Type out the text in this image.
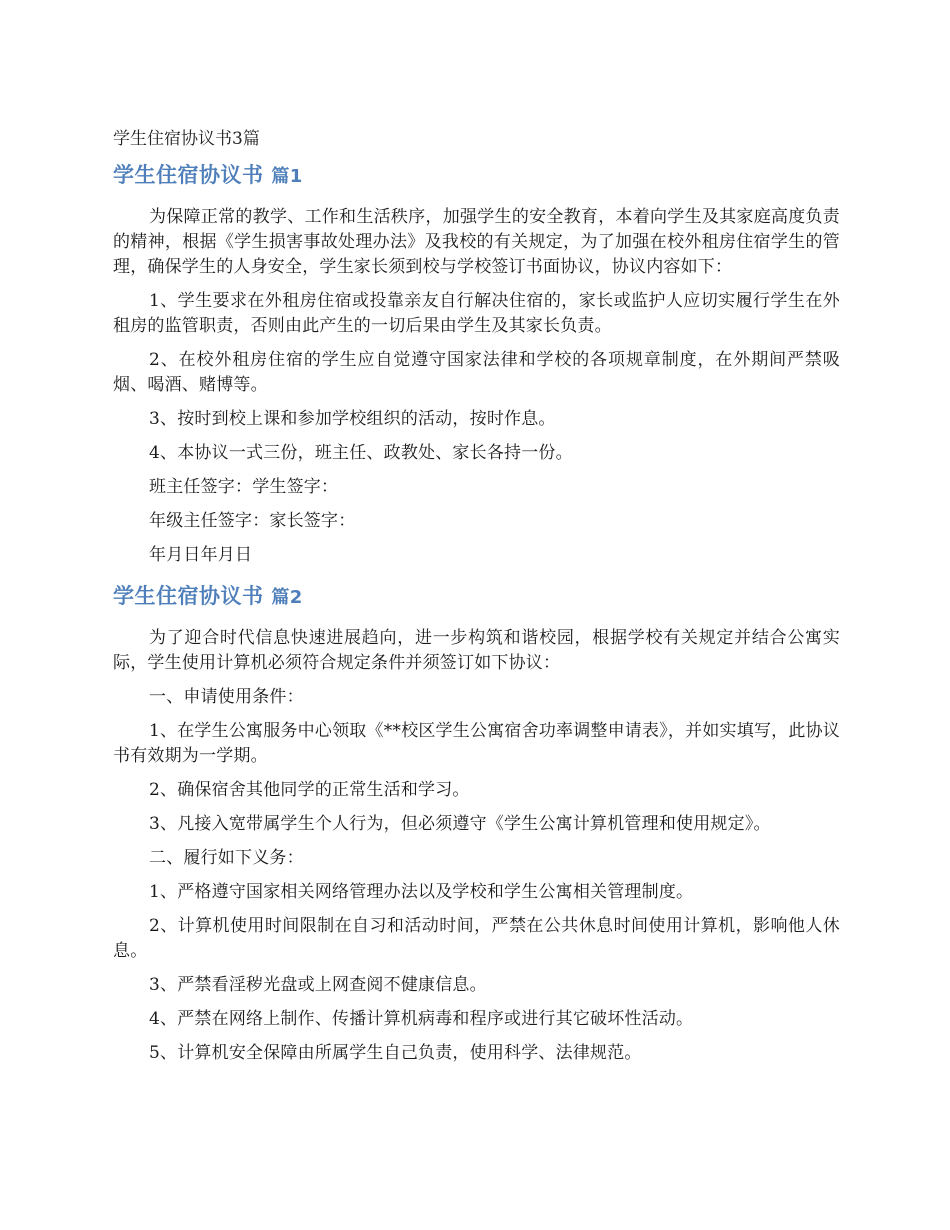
学生住宿协议书3篇
学生住宿协议书 篇1

为保障正常的教学、工作和生活秩序，加强学生的安全教育，本着向学生及其家庭高度负责的精神，根据《学生损害事故处理办法》及我校的有关规定，为了加强在校外租房住宿学生的管理，确保学生的人身安全，学生家长须到校与学校签订书面协议，协议内容如下：

1、学生要求在外租房住宿或投靠亲友自行解决住宿的，家长或监护人应切实履行学生在外租房的监管职责，否则由此产生的一切后果由学生及其家长负责。

2、在校外租房住宿的学生应自觉遵守国家法律和学校的各项规章制度，在外期间严禁吸烟、喝酒、赌博等。

3、按时到校上课和参加学校组织的活动，按时作息。

4、本协议一式三份，班主任、政教处、家长各持一份。

班主任签字：学生签字：

年级主任签字：家长签字：

年月日年月日

学生住宿协议书 篇2

为了迎合时代信息快速进展趋向，进一步构筑和谐校园，根据学校有关规定并结合公寓实际，学生使用计算机必须符合规定条件并须签订如下协议：

一、申请使用条件：

1、在学生公寓服务中心领取《**校区学生公寓宿舍功率调整申请表》，并如实填写，此协议书有效期为一学期。

2、确保宿舍其他同学的正常生活和学习。

3、凡接入宽带属学生个人行为，但必须遵守《学生公寓计算机管理和使用规定》。

二、履行如下义务：

1、严格遵守国家相关网络管理办法以及学校和学生公寓相关管理制度。

2、计算机使用时间限制在自习和活动时间，严禁在公共休息时间使用计算机，影响他人休息。

3、严禁看淫秽光盘或上网查阅不健康信息。

4、严禁在网络上制作、传播计算机病毒和程序或进行其它破坏性活动。

5、计算机安全保障由所属学生自己负责，使用科学、法律规范。
